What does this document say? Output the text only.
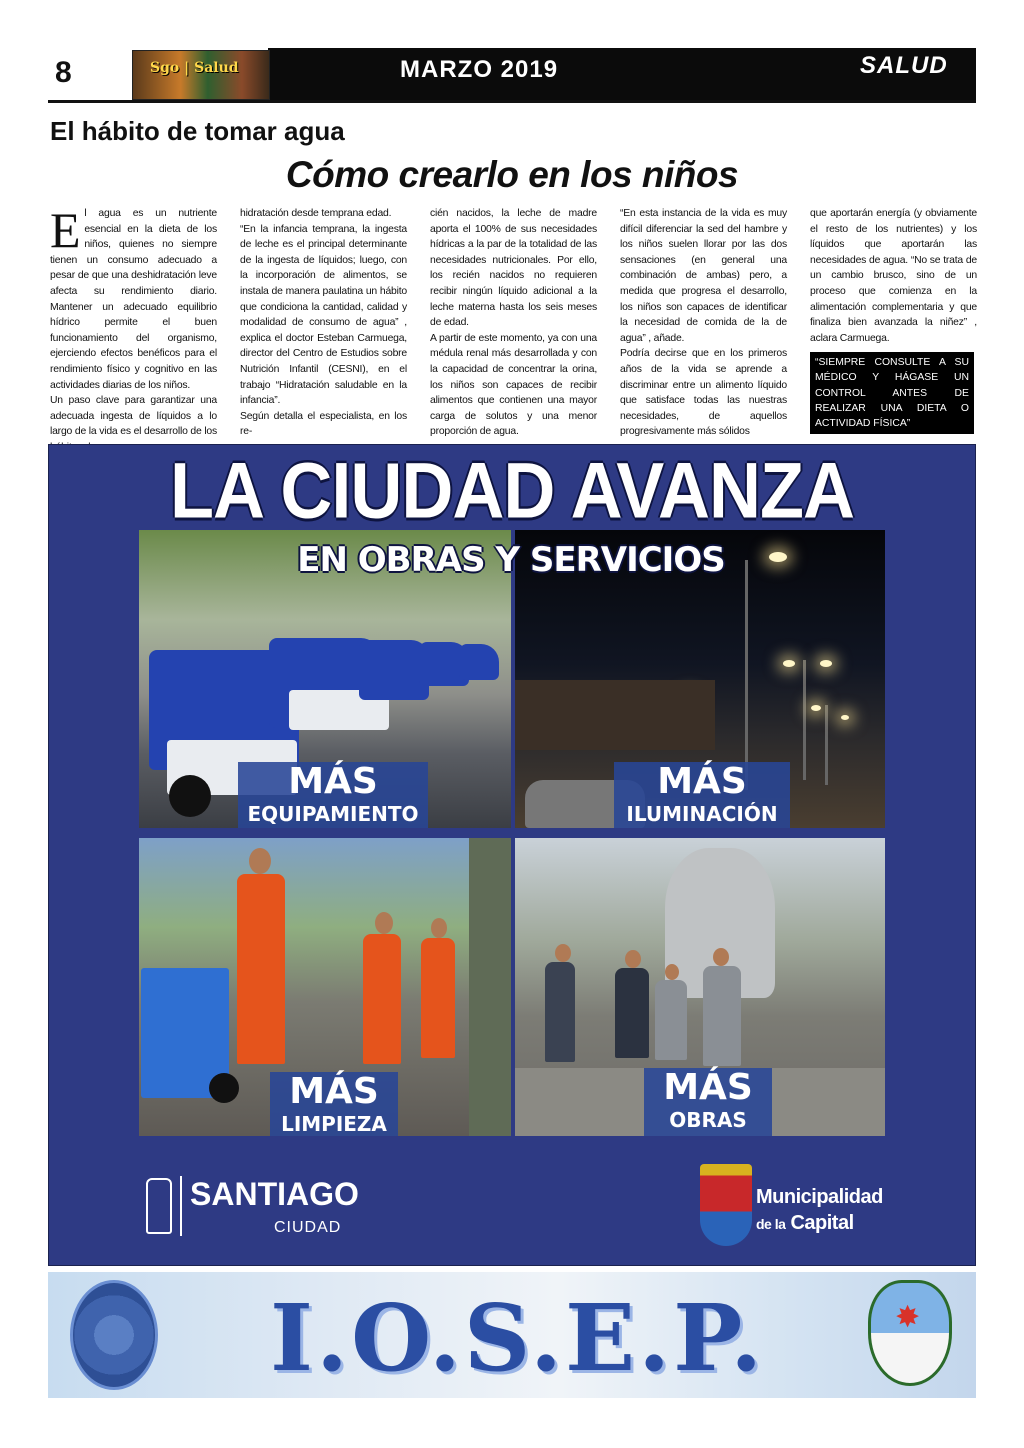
8	Sgo | Salud	MARZO 2019	SALUD
El hábito de tomar agua
Cómo crearlo en los niños
E l agua es un nutriente esencial en la dieta de los niños, quienes no siempre tienen un consumo adecuado a pesar de que una deshidratación leve afecta su rendimiento diario. Mantener un adecuado equilibrio hídrico permite el buen funcionamiento del organismo, ejerciendo efectos benéficos para el rendimiento físico y cognitivo en las actividades diarias de los niños.
Un paso clave para garantizar una adecuada ingesta de líquidos a lo largo de la vida es el desarrollo de los
hidratación desde temprana edad.
“En la infancia temprana, la ingesta de leche es el principal determinante de la ingesta de líquidos; luego, con la incorporación de alimentos, se instala de manera paulatina un hábito que condiciona la cantidad, calidad y modalidad de consumo de agua” , explica el doctor Esteban Carmuega, director del Centro de Estudios sobre Nutrición Infantil (CESNI), en el trabajo “Hidratación saludable en la infancia”.
Según detalla el especialista, en los re-
cién nacidos, la leche de madre aporta el 100% de sus necesidades hídricas a la par de la totalidad de las necesidades nutricionales. Por ello, los recién nacidos no requieren recibir ningún líquido adicional a la leche materna hasta los seis meses de edad.
A partir de este momento, ya con una médula renal más desarrollada y con la capacidad de concentrar la orina, los niños son capaces de recibir alimentos que contienen una mayor carga de solutos y una menor proporción de agua.
“En esta instancia de la vida es muy difícil diferenciar la sed del hambre y los niños suelen llorar por las dos sensaciones (en general una combinación de ambas) pero, a medida que progresa el desarrollo, los niños son capaces de identificar la necesidad de comida de la de agua” , añade.
Podría decirse que en los primeros años de la vida se aprende a discriminar entre un alimento líquido que satisface todas las nuestras necesidades, de aquellos progresivamente más sólidos
que aportarán energía (y obviamente el resto de los nutrientes) y los líquidos que aportarán las necesidades de agua. “No se trata de un cambio brusco, sino de un proceso que comienza en la alimentación complementaria y que finaliza bien avanzada la niñez” , aclara Carmuega.
“SIEMPRE CONSULTE A SU MÉDICO Y HÁGASE UN CONTROL ANTES DE REALIZAR UNA DIETA O ACTIVIDAD FÍSICA”
LA CIUDAD AVANZA
EN OBRAS Y SERVICIOS
MÁS
EQUIPAMIENTO
MÁS
ILUMINACIÓN
MÁS
LIMPIEZA
MÁS
OBRAS
SANTIAGO
CIUDAD
Municipalidad
de la Capital
I.O.S.E.P.	✸
